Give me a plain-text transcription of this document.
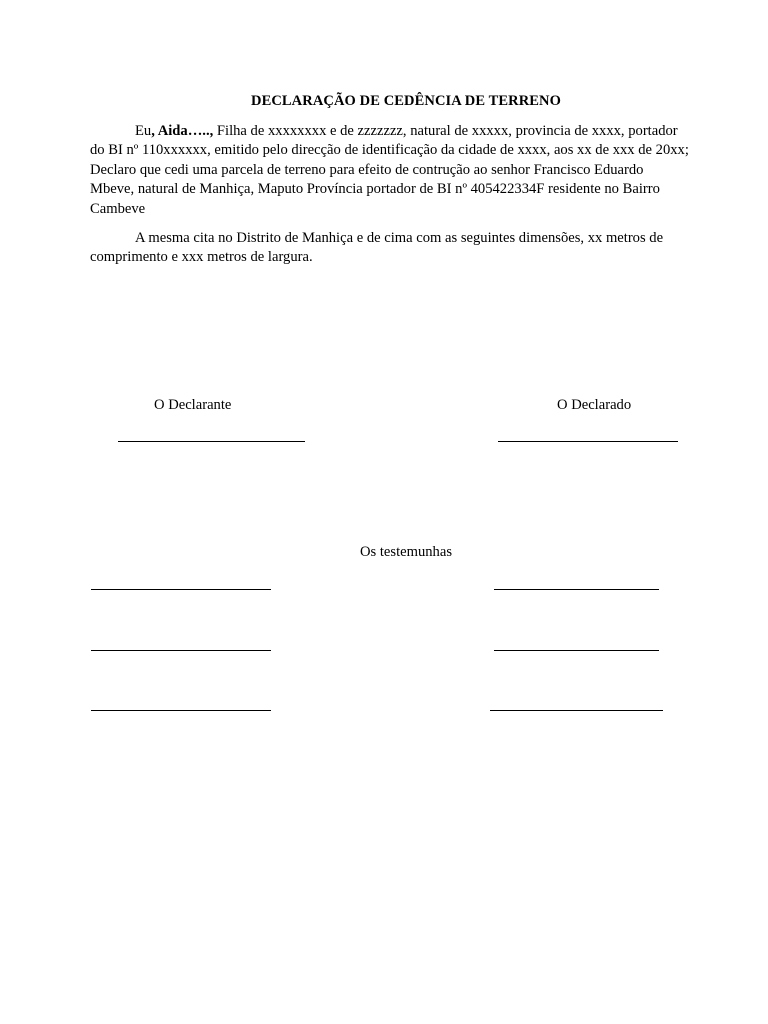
DECLARAÇÃO DE CEDÊNCIA DE TERRENO
Eu, Aida….., Filha de xxxxxxxx e de zzzzzzz, natural de xxxxx, provincia de xxxx, portador do BI nº 110xxxxxx, emitido pelo direcção de identificação da cidade de xxxx, aos xx de xxx de 20xx; Declaro que cedi uma parcela de terreno para efeito de contrução ao senhor Francisco Eduardo Mbeve, natural de Manhiça, Maputo Província portador de BI nº 405422334F residente no Bairro Cambeve
A mesma cita no Distrito de Manhiça e de cima com as seguintes dimensões, xx metros de comprimento e xxx metros de largura.
O Declarante	O Declarado
Os testemunhas
